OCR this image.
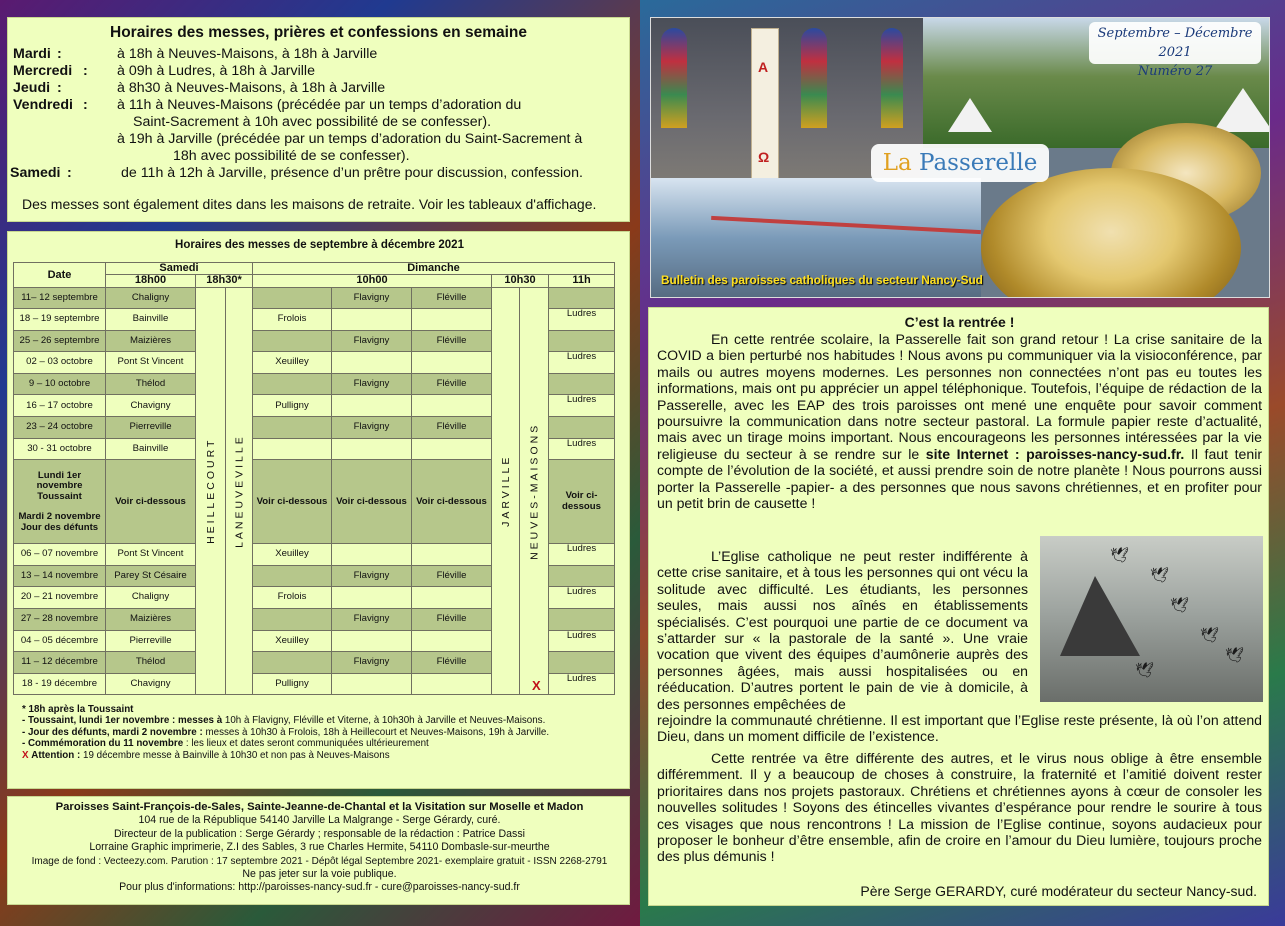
Horaires des messes, prières et confessions en semaine
Mardi :	à 18h à Neuves-Maisons, à 18h à Jarville
Mercredi : à 09h à Ludres, à 18h à Jarville
Jeudi :	à 8h30 à Neuves-Maisons, à 18h à Jarville
Vendredi : à 11h à Neuves-Maisons (précédée par un temps d’adoration du
Saint-Sacrement à 10h avec possibilité de se confesser).
à 19h à Jarville (précédée par un temps d’adoration du Saint-Sacrement à
18h avec possibilité de se confesser).
Samedi :	de 11h à 12h à Jarville, présence d’un prêtre pour discussion, confession.
Des messes sont également dites dans les maisons de retraite. Voir les tableaux d'affichage.
Horaires des messes de septembre à décembre 2021
Date	Samedi			Dimanche					
	18h00	18h30*		10h00			10h30		11h
11– 12 septembre	Chaligny	HEILLECOURT	LANEUVEVILLE		Flavigny	Fléville	JARVILLE	NEUVES-MAISONS	
18 – 19 septembre	Bainville			Frolois					Ludres
25 – 26 septembre	Maizières				Flavigny	Fléville			
02 – 03 octobre	Pont St Vincent			Xeuilley					Ludres
9 – 10 octobre	Thélod				Flavigny	Fléville			
16 – 17 octobre	Chavigny			Pulligny					Ludres
23 – 24 octobre	Pierreville				Flavigny	Fléville			
30 - 31 octobre	Bainville								Ludres

Lundi 1er novembre Toussaint
Mardi 2 novembre Jour des défunts	Voir ci-dessous			Voir ci-dessous	Voir ci-dessous	Voir ci-dessous			Voir ci-dessous
06 – 07 novembre	Pont St Vincent			Xeuilley					Ludres
13 – 14 novembre	Parey St Césaire				Flavigny	Fléville			
20 – 21 novembre	Chaligny			Frolois					Ludres
27 – 28 novembre	Maizières				Flavigny	Fléville			
04 – 05 décembre	Pierreville			Xeuilley					Ludres
11 – 12 décembre	Thélod				Flavigny	Fléville			
18 - 19 décembre	Chavigny			Pulligny					Ludres
* 18h après la Toussaint
- Toussaint, lundi 1er novembre : messes à 10h à Flavigny, Fléville et Viterne, à 10h30h à Jarville et Neuves-Maisons.
- Jour des défunts, mardi 2 novembre : messes à 10h30 à Frolois, 18h à Heillecourt et Neuves-Maisons, 19h à Jarville.
- Commémoration du 11 novembre : les lieux et dates seront communiquées ultérieurement
X Attention : 19 décembre messe à Bainville à 10h30 et non pas à Neuves-Maisons
X
Paroisses Saint-François-de-Sales, Sainte-Jeanne-de-Chantal et la Visitation sur Moselle et Madon
104 rue de la République 54140 Jarville La Malgrange - Serge Gérardy, curé.
Directeur de la publication : Serge Gérardy ; responsable de la rédaction : Patrice Dassi
Lorraine Graphic imprimerie, Z.I des Sables, 3 rue Charles Hermite, 54110 Dombasle-sur-meurthe
Image de fond : Vecteezy.com. Parution : 17 septembre 2021 - Dépôt légal Septembre 2021- exemplaire gratuit - ISSN 2268-2791
Ne pas jeter sur la voie publique.
Pour plus d'informations: http://paroisses-nancy-sud.fr - cure@paroisses-nancy-sud.fr
A
Ω
Septembre – Décembre 2021
Numéro 27
La Passerelle
Bulletin des paroisses catholiques du secteur Nancy-Sud
C’est la rentrée !
En cette rentrée scolaire, la Passerelle fait son grand retour ! La crise sanitaire de la COVID a bien perturbé nos habitudes ! Nous avons pu communiquer via la visioconférence, par mails ou autres moyens modernes. Les personnes non connectées n’ont pas eu toutes les informations, mais ont pu apprécier un appel téléphonique. Toutefois, l’équipe de rédaction de la Passerelle, avec les EAP des trois paroisses ont mené une enquête pour savoir comment poursuivre la communication dans notre secteur pastoral. La formule papier reste d’actualité, mais avec un tirage moins important. Nous encourageons les personnes intéressées par la vie religieuse du secteur à se rendre sur le site Internet : paroisses-nancy-sud.fr. Il faut tenir compte de l’évolution de la société, et aussi prendre soin de notre planète ! Nous pourrons aussi porter la Passerelle -papier- a des personnes que nous savons chrétiennes, et en profiter pour un petit brin de causette !
L’Eglise catholique ne peut rester indifférente à cette crise sanitaire, et à tous les personnes qui ont vécu la solitude avec difficulté. Les étudiants, les personnes seules, mais aussi nos aînés en établissements spécialisés. C’est pourquoi une partie de ce document va s’attarder sur « la pastorale de la santé ». Une vraie vocation que vivent des équipes d’aumônerie auprès des personnes âgées, mais aussi hospitalisées ou en rééducation. D’autres portent le pain de vie à domicile, à des personnes empêchées de
rejoindre la communauté chrétienne. Il est important que l’Eglise reste présente, là où l’on attend Dieu, dans un moment difficile de l’existence.
🕊
🕊
🕊
🕊
🕊
🕊
Cette rentrée va être différente des autres, et le virus nous oblige à être ensemble différemment. Il y a beaucoup de choses à construire, la fraternité et l’amitié doivent rester prioritaires dans nos projets pastoraux. Chrétiens et chrétiennes ayons à cœur de consoler les nouvelles solitudes ! Soyons des étincelles vivantes d’espérance pour rendre le sourire à tous ces visages que nous rencontrons ! La mission de l’Eglise continue, soyons audacieux pour proposer le bonheur d’être ensemble, afin de croire en l’amour du Dieu lumière, toujours proche des plus démunis !
Père Serge GERARDY, curé modérateur du secteur Nancy-sud.
